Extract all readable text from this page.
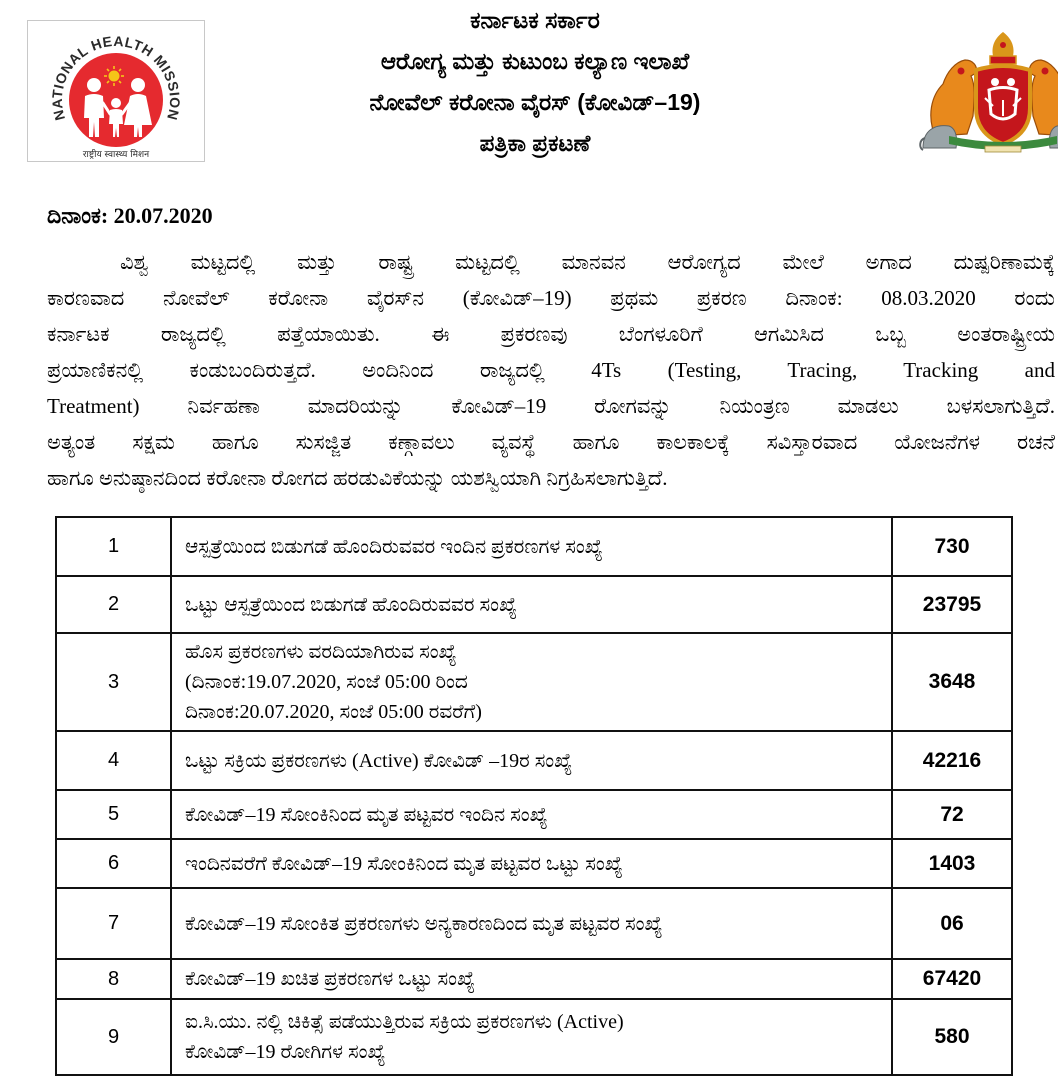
NATIONAL HEALTH MISSION
राष्ट्रीय स्वास्थ्य मिशन
ಕರ್ನಾಟಕ ಸರ್ಕಾರ
ಆರೋಗ್ಯ ಮತ್ತು ಕುಟುಂಬ ಕಲ್ಯಾಣ ಇಲಾಖೆ
ನೋವೆಲ್ ಕರೋನಾ ವೈರಸ್ (ಕೋವಿಡ್–19)
ಪತ್ರಿಕಾ ಪ್ರಕಟಣೆ
ದಿನಾಂಕ: 20.07.2020
ವಿಶ್ವ ಮಟ್ಟದಲ್ಲಿ ಮತ್ತು ರಾಷ್ಟ್ರ ಮಟ್ಟದಲ್ಲಿ ಮಾನವನ ಆರೋಗ್ಯದ ಮೇಲೆ ಅಗಾದ ದುಷ್ಪರಿಣಾಮಕ್ಕೆ
ಕಾರಣವಾದ ನೋವೆಲ್ ಕರೋನಾ ವೈರಸ್‌ನ (ಕೋವಿಡ್–19) ಪ್ರಥಮ ಪ್ರಕರಣ ದಿನಾಂಕ: 08.03.2020 ರಂದು
ಕರ್ನಾಟಕ ರಾಜ್ಯದಲ್ಲಿ ಪತ್ತೆಯಾಯಿತು. ಈ ಪ್ರಕರಣವು ಬೆಂಗಳೂರಿಗೆ ಆಗಮಿಸಿದ ಒಬ್ಬ ಅಂತರಾಷ್ಟ್ರೀಯ
ಪ್ರಯಾಣಿಕನಲ್ಲಿ ಕಂಡುಬಂದಿರುತ್ತದೆ. ಅಂದಿನಿಂದ ರಾಜ್ಯದಲ್ಲಿ 4Ts (Testing, Tracing, Tracking and
Treatment) ನಿರ್ವಹಣಾ ಮಾದರಿಯನ್ನು ಕೋವಿಡ್–19 ರೋಗವನ್ನು ನಿಯಂತ್ರಣ ಮಾಡಲು ಬಳಸಲಾಗುತ್ತಿದೆ.
ಅತ್ಯಂತ ಸಕ್ಷಮ ಹಾಗೂ ಸುಸಜ್ಜಿತ ಕಣ್ಗಾವಲು ವ್ಯವಸ್ಥೆ ಹಾಗೂ ಕಾಲಕಾಲಕ್ಕೆ ಸವಿಸ್ತಾರವಾದ ಯೋಜನೆಗಳ ರಚನೆ
ಹಾಗೂ ಅನುಷ್ಠಾನದಿಂದ ಕರೋನಾ ರೋಗದ ಹರಡುವಿಕೆಯನ್ನು ಯಶಸ್ವಿಯಾಗಿ ನಿಗ್ರಹಿಸಲಾಗುತ್ತಿದೆ.
1	ಆಸ್ಪತ್ರೆಯಿಂದ ಬಿಡುಗಡೆ ಹೊಂದಿರುವವರ ಇಂದಿನ ಪ್ರಕರಣಗಳ ಸಂಖ್ಯೆ	730
2	ಒಟ್ಟು ಆಸ್ಪತ್ರೆಯಿಂದ ಬಿಡುಗಡೆ ಹೊಂದಿರುವವರ ಸಂಖ್ಯೆ	23795
3	ಹೊಸ ಪ್ರಕರಣಗಳು ವರದಿಯಾಗಿರುವ ಸಂಖ್ಯೆ
(ದಿನಾಂಕ:19.07.2020, ಸಂಜೆ 05:00 ರಿಂದ
ದಿನಾಂಕ:20.07.2020, ಸಂಜೆ 05:00 ರವರೆಗೆ)	3648
4	ಒಟ್ಟು ಸಕ್ರಿಯ ಪ್ರಕರಣಗಳು (Active) ಕೋವಿಡ್ –19ರ ಸಂಖ್ಯೆ	42216
5	ಕೋವಿಡ್–19 ಸೋಂಕಿನಿಂದ ಮೃತ ಪಟ್ಟವರ ಇಂದಿನ ಸಂಖ್ಯೆ	72
6	ಇಂದಿನವರೆಗೆ ಕೋವಿಡ್–19 ಸೋಂಕಿನಿಂದ ಮೃತ ಪಟ್ಟವರ ಒಟ್ಟು ಸಂಖ್ಯೆ	1403
7	ಕೋವಿಡ್–19 ಸೋಂಕಿತ ಪ್ರಕರಣಗಳು ಅನ್ಯಕಾರಣದಿಂದ ಮೃತ ಪಟ್ಟವರ ಸಂಖ್ಯೆ	06
8	ಕೋವಿಡ್–19 ಖಚಿತ ಪ್ರಕರಣಗಳ ಒಟ್ಟು ಸಂಖ್ಯೆ	67420
9	ಐ.ಸಿ.ಯು. ನಲ್ಲಿ ಚಿಕಿತ್ಸೆ ಪಡೆಯುತ್ತಿರುವ ಸಕ್ರಿಯ ಪ್ರಕರಣಗಳು (Active)
ಕೋವಿಡ್–19 ರೋಗಿಗಳ ಸಂಖ್ಯೆ	580
